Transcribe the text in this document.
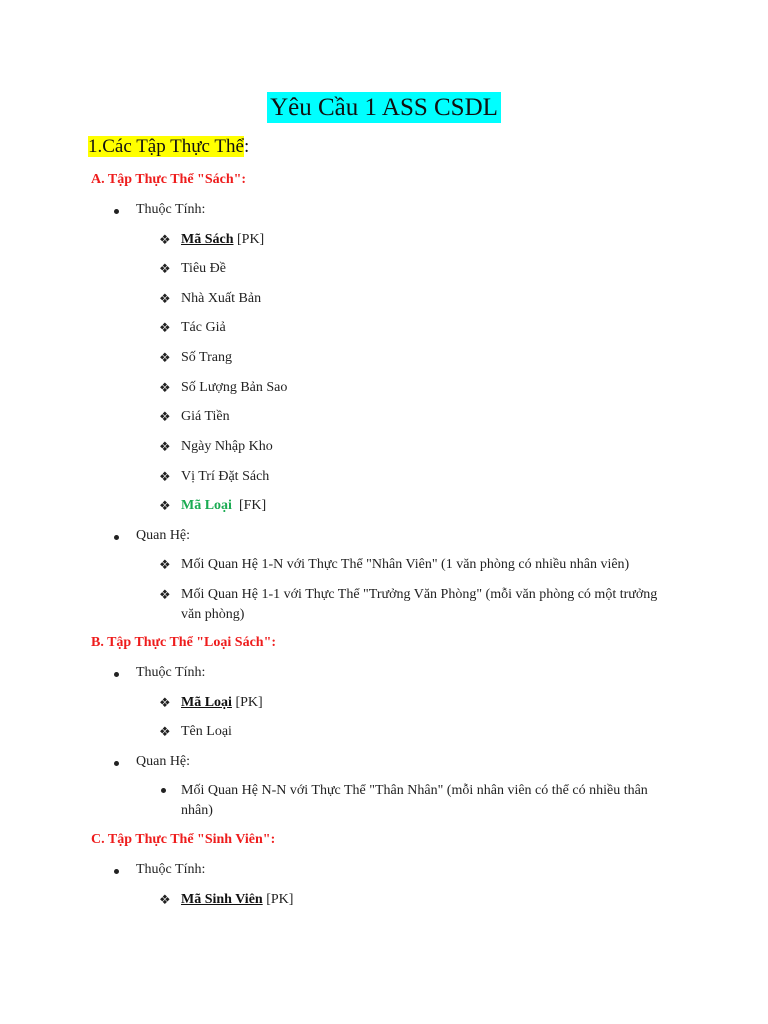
Yêu Cầu 1 ASS CSDL
1.Các Tập Thực Thể:
A. Tập Thực Thể "Sách":
Thuộc Tính:
❖ Mã Sách [PK]
❖ Tiêu Đề
❖ Nhà Xuất Bản
❖ Tác Giả
❖ Số Trang
❖ Số Lượng Bản Sao
❖ Giá Tiền
❖ Ngày Nhập Kho
❖ Vị Trí Đặt Sách
❖ Mã Loại  [FK]
Quan Hệ:
❖ Mối Quan Hệ 1-N với Thực Thể "Nhân Viên" (1 văn phòng có nhiều nhân viên)
❖ Mối Quan Hệ 1-1 với Thực Thể "Trưởng Văn Phòng" (mỗi văn phòng có một trưởng văn phòng)
B. Tập Thực Thể "Loại Sách":
Thuộc Tính:
❖ Mã Loại [PK]
❖ Tên Loại
Quan Hệ:
Mối Quan Hệ N-N với Thực Thể "Thân Nhân" (mỗi nhân viên có thể có nhiều thân nhân)
C. Tập Thực Thể "Sinh Viên":
Thuộc Tính:
❖ Mã Sinh Viên [PK]
